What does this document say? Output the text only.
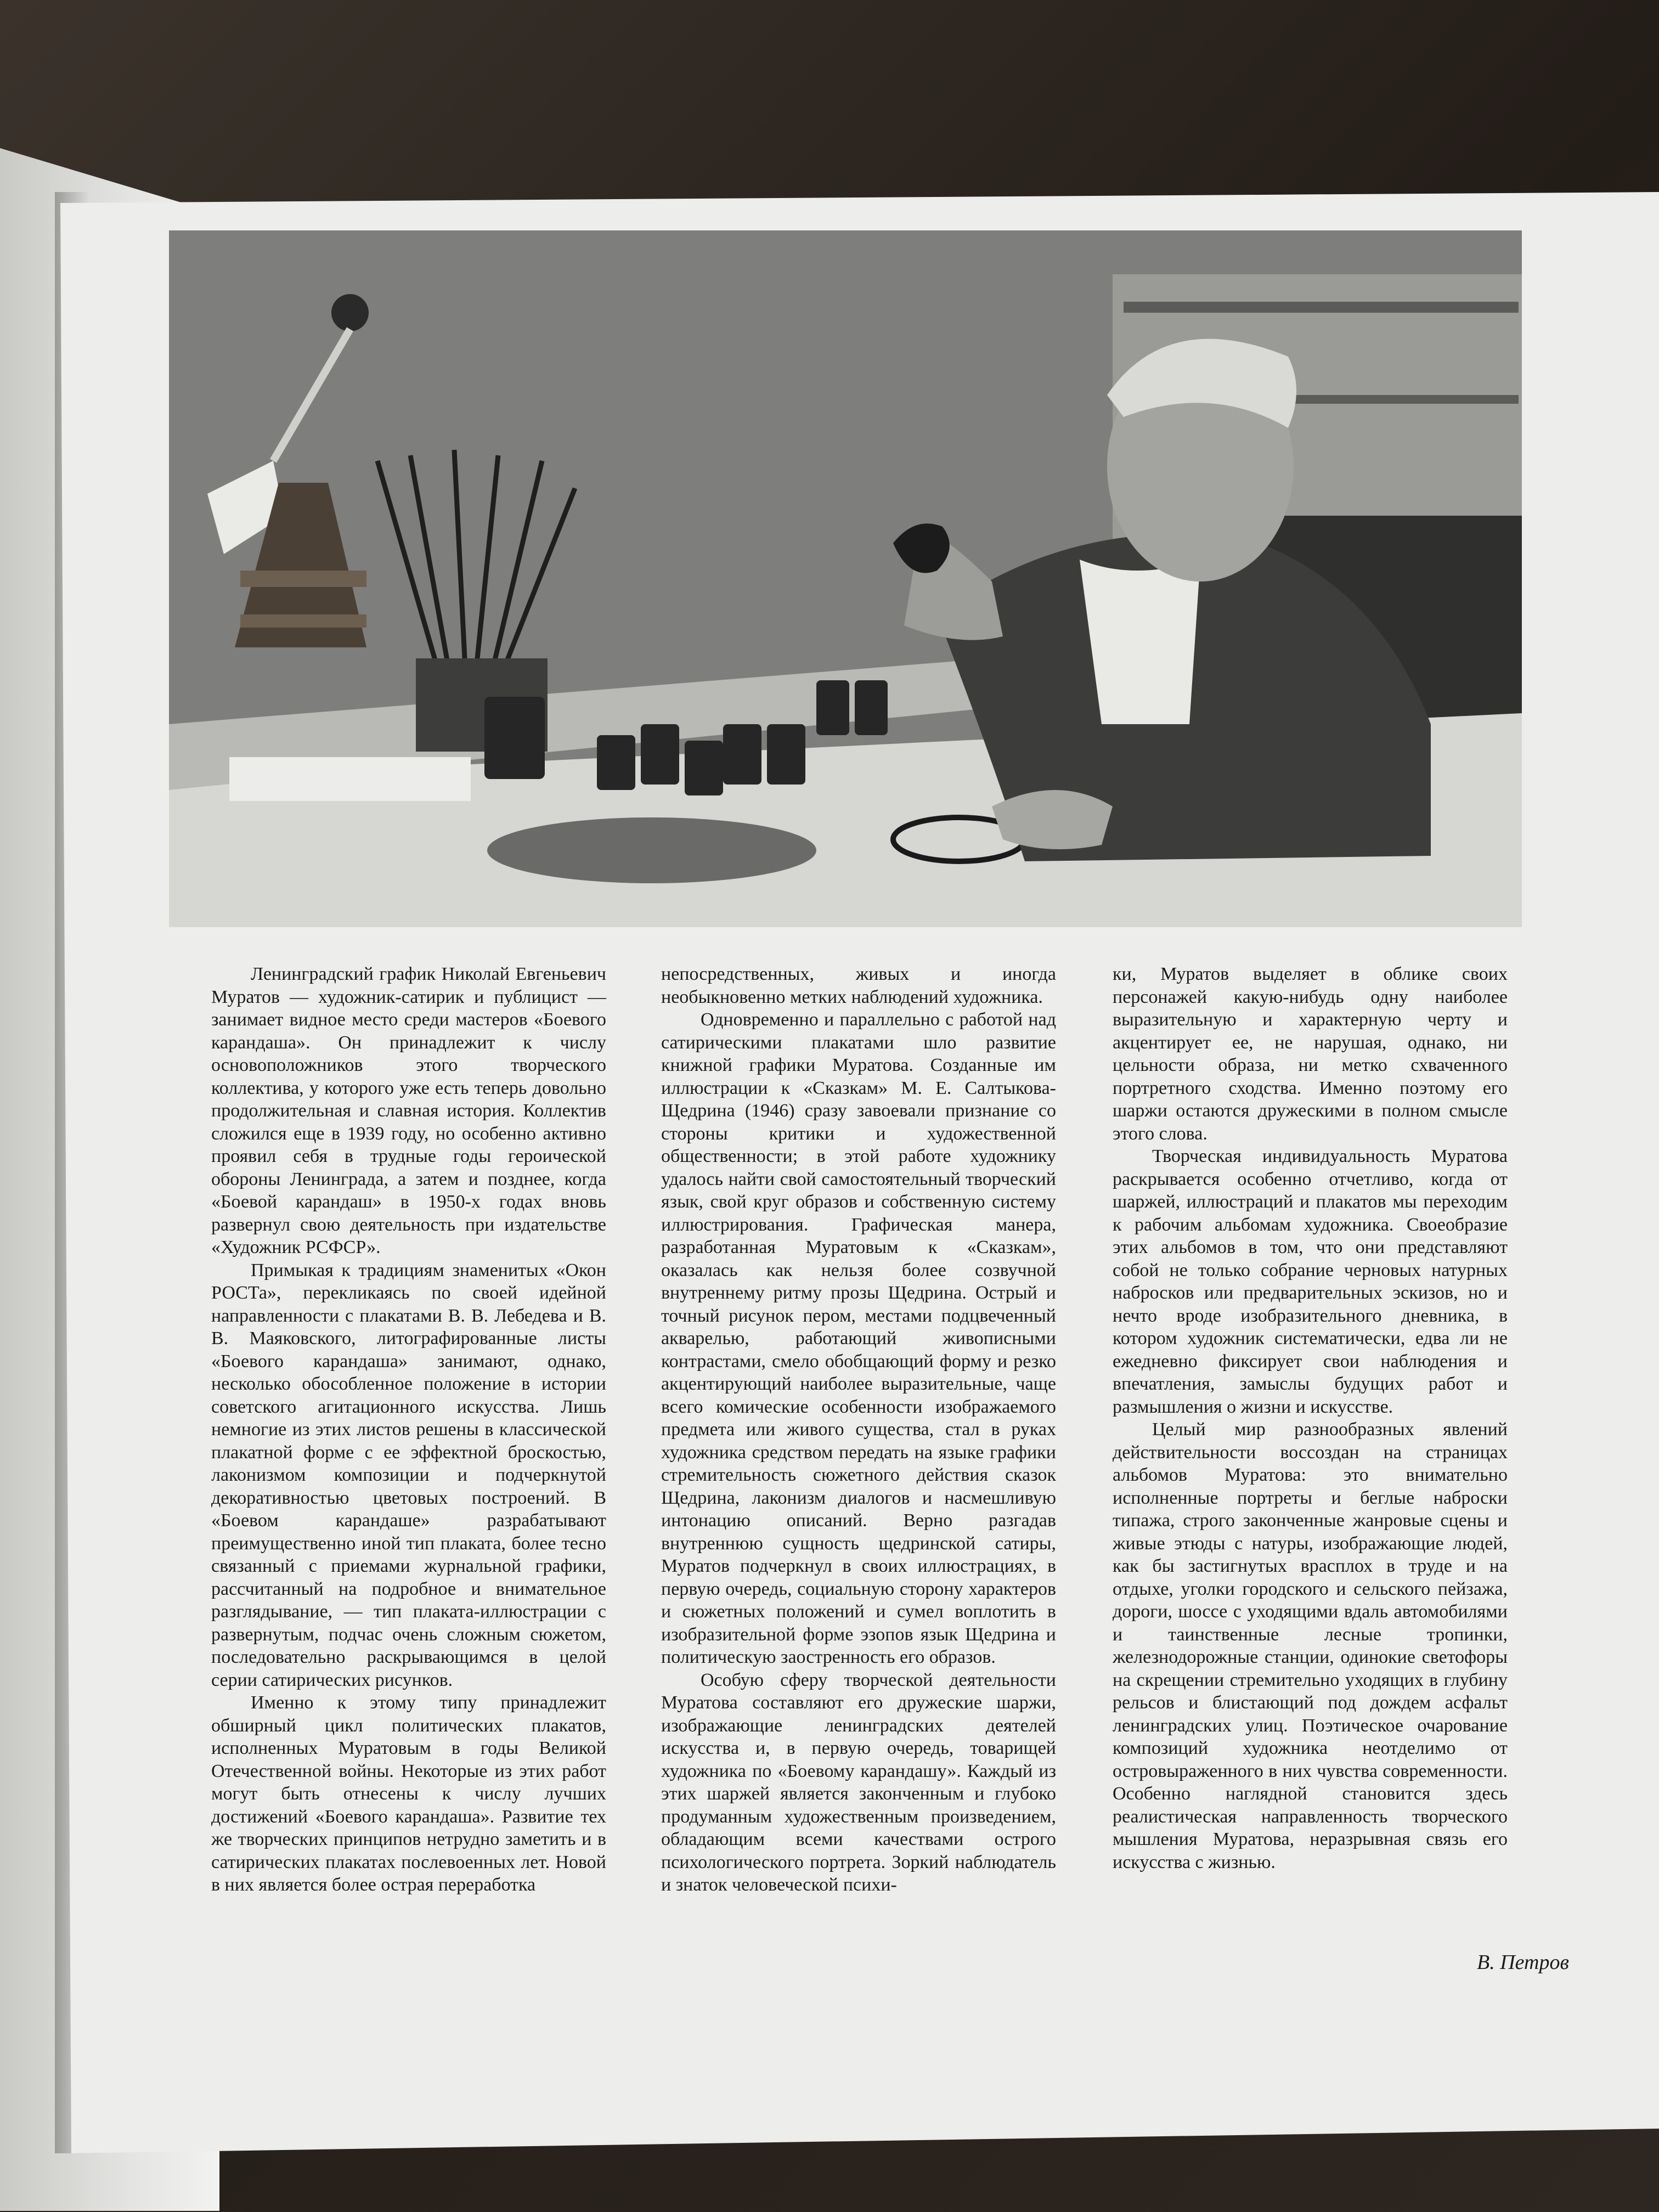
Ленинградский график Николай Евгеньевич Муратов — художник-сатирик и публицист — занимает видное место среди мастеров «Боевого карандаша». Он принадлежит к числу основоположников этого творческого коллектива, у которого уже есть теперь довольно продолжительная и славная история. Коллектив сложился еще в 1939 году, но особенно активно проявил себя в трудные годы героической обороны Ленинграда, а затем и позднее, когда «Боевой карандаш» в 1950-х годах вновь развернул свою деятельность при издательстве «Художник РСФСР».

Примыкая к традициям знаменитых «Окон РОСТа», перекликаясь по своей идейной направленности с плакатами В. В. Лебедева и В. В. Маяковского, литографированные листы «Боевого карандаша» занимают, однако, несколько обособленное положение в истории советского агитационного искусства. Лишь немногие из этих листов решены в классической плакатной форме с ее эффектной броскостью, лаконизмом композиции и подчеркнутой декоративностью цветовых построений. В «Боевом карандаше» разрабатывают преимущественно иной тип плаката, более тесно связанный с приемами журнальной графики, рассчитанный на подробное и внимательное разглядывание, — тип плаката-иллюстрации с развернутым, подчас очень сложным сюжетом, последовательно раскрывающимся в целой серии сатирических рисунков.

Именно к этому типу принадлежит обширный цикл политических плакатов, исполненных Муратовым в годы Великой Отечественной войны. Некоторые из этих работ могут быть отнесены к числу лучших достижений «Боевого карандаша». Развитие тех же творческих принципов нетрудно заметить и в сатирических плакатах послевоенных лет. Новой в них является более острая переработка

непосредственных, живых и иногда необыкновенно метких наблюдений художника.

Одновременно и параллельно с работой над сатирическими плакатами шло развитие книжной графики Муратова. Созданные им иллюстрации к «Сказкам» М. Е. Салтыкова-Щедрина (1946) сразу завоевали признание со стороны критики и художественной общественности; в этой работе художнику удалось найти свой самостоятельный творческий язык, свой круг образов и собственную систему иллюстрирования. Графическая манера, разработанная Муратовым к «Сказкам», оказалась как нельзя более созвучной внутреннему ритму прозы Щедрина. Острый и точный рисунок пером, местами подцвеченный акварелью, работающий живописными контрастами, смело обобщающий форму и резко акцентирующий наиболее выразительные, чаще всего комические особенности изображаемого предмета или живого существа, стал в руках художника средством передать на языке графики стремительность сюжетного действия сказок Щедрина, лаконизм диалогов и насмешливую интонацию описаний. Верно разгадав внутреннюю сущность щедринской сатиры, Муратов подчеркнул в своих иллюстрациях, в первую очередь, социальную сторону характеров и сюжетных положений и сумел воплотить в изобразительной форме эзопов язык Щедрина и политическую заостренность его образов.

Особую сферу творческой деятельности Муратова составляют его дружеские шаржи, изображающие ленинградских деятелей искусства и, в первую очередь, товарищей художника по «Боевому карандашу». Каждый из этих шаржей является законченным и глубоко продуманным художественным произведением, обладающим всеми качествами острого психологического портрета. Зоркий наблюдатель и знаток человеческой психи-

ки, Муратов выделяет в облике своих персонажей какую-нибудь одну наиболее выразительную и характерную черту и акцентирует ее, не нарушая, однако, ни цельности образа, ни метко схваченного портретного сходства. Именно поэтому его шаржи остаются дружескими в полном смысле этого слова.

Творческая индивидуальность Муратова раскрывается особенно отчетливо, когда от шаржей, иллюстраций и плакатов мы переходим к рабочим альбомам художника. Своеобразие этих альбомов в том, что они представляют собой не только собрание черновых натурных набросков или предварительных эскизов, но и нечто вроде изобразительного дневника, в котором художник систематически, едва ли не ежедневно фиксирует свои наблюдения и впечатления, замыслы будущих работ и размышления о жизни и искусстве.

Целый мир разнообразных явлений действительности воссоздан на страницах альбомов Муратова: это внимательно исполненные портреты и беглые наброски типажа, строго законченные жанровые сцены и живые этюды с натуры, изображающие людей, как бы застигнутых врасплох в труде и на отдыхе, уголки городского и сельского пейзажа, дороги, шоссе с уходящими вдаль автомобилями и таинственные лесные тропинки, железнодорожные станции, одинокие светофоры на скрещении стремительно уходящих в глубину рельсов и блистающий под дождем асфальт ленинградских улиц. Поэтическое очарование композиций художника неотделимо от островыраженного в них чувства современности. Особенно наглядной становится здесь реалистическая направленность творческого мышления Муратова, неразрывная связь его искусства с жизнью.

В. Петров
